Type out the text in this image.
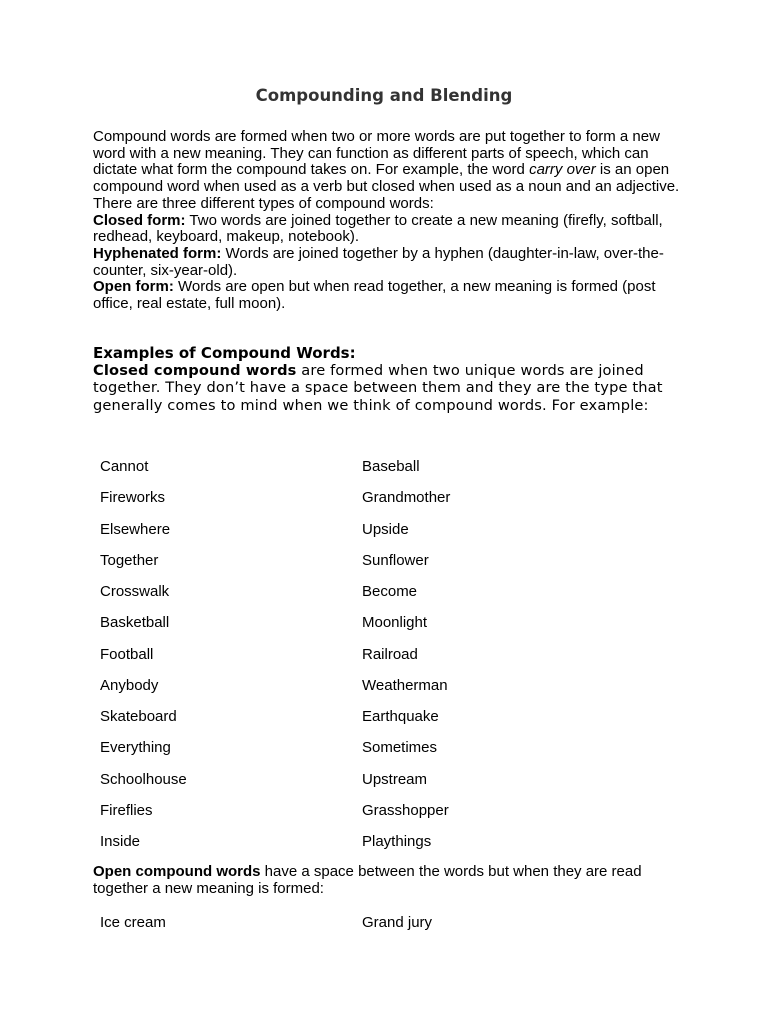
Compounding and Blending

Compound words are formed when two or more words are put together to form a new word with a new meaning. They can function as different parts of speech, which can dictate what form the compound takes on. For example, the word carry over is an open compound word when used as a verb but closed when used as a noun and an adjective.

There are three different types of compound words:

Closed form: Two words are joined together to create a new meaning (firefly, softball, redhead, keyboard, makeup, notebook).

Hyphenated form: Words are joined together by a hyphen (daughter-in-law, over-the-counter, six-year-old).

Open form: Words are open but when read together, a new meaning is formed (post office, real estate, full moon).

Examples of Compound Words:

Closed compound words are formed when two unique words are joined together. They don’t have a space between them and they are the type that generally comes to mind when we think of compound words. For example:

Cannot	Baseball
Fireworks	Grandmother
Elsewhere	Upside
Together	Sunflower
Crosswalk	Become
Basketball	Moonlight
Football	Railroad
Anybody	Weatherman
Skateboard	Earthquake
Everything	Sometimes
Schoolhouse	Upstream
Fireflies	Grasshopper
Inside	Playthings

Open compound words have a space between the words but when they are read together a new meaning is formed:

Ice cream	Grand jury
